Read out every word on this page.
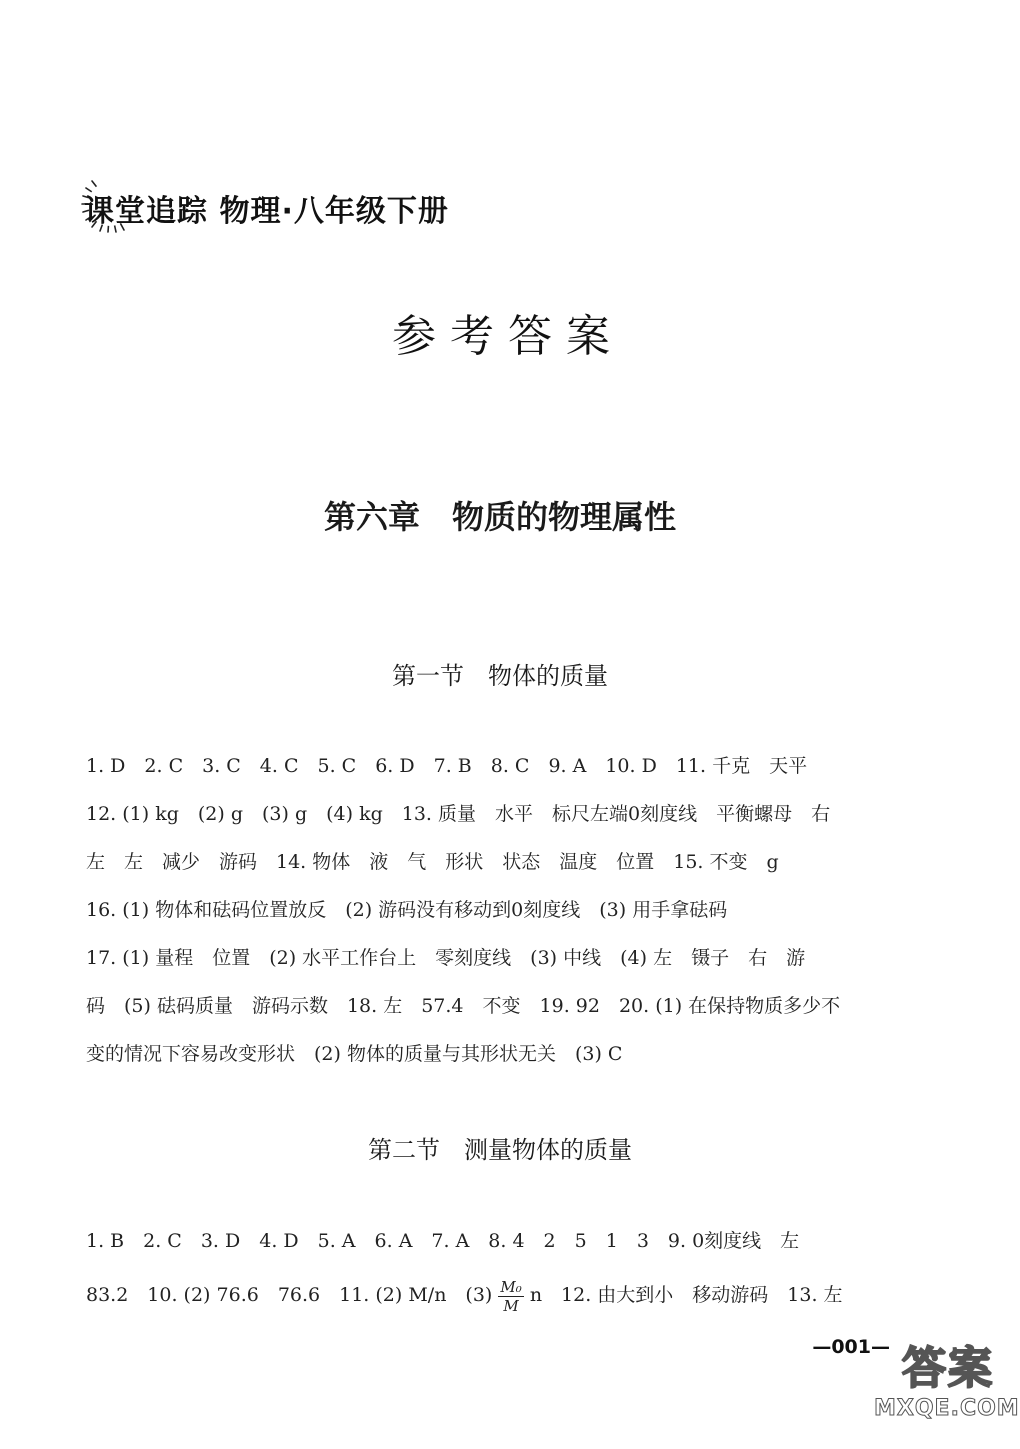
课堂追踪 物理·八年级下册
参考答案
第六章　物质的物理属性
第一节　物体的质量
1. D　2. C　3. C　4. C　5. C　6. D　7. B　8. C　9. A　10. D　11. 千克　天平
12. (1) kg　(2) g　(3) g　(4) kg　13. 质量　水平　标尺左端0刻度线　平衡螺母　右
左　左　减少　游码　14. 物体　液　气　形状　状态　温度　位置　15. 不变　g
16. (1) 物体和砝码位置放反　(2) 游码没有移动到0刻度线　(3) 用手拿砝码
17. (1) 量程　位置　(2) 水平工作台上　零刻度线　(3) 中线　(4) 左　镊子　右　游
码　(5) 砝码质量　游码示数　18. 左　57.4　不变　19. 92　20. (1) 在保持物质多少不
变的情况下容易改变形状　(2) 物体的质量与其形状无关　(3) C
第二节　测量物体的质量
1. B　2. C　3. D　4. D　5. A　6. A　7. A　8. 4　2　5　1　3　9. 0刻度线　左
83.2　10. (2) 76.6　76.6　11. (2) M/n　$(3) \frac{\text{M₀}}{M}$ n　12. 由大到小　移动游码　13. 左
—001— 答案
MXQE.COM
